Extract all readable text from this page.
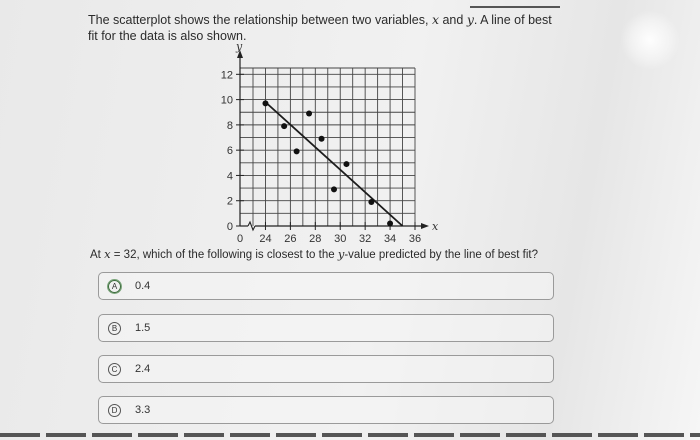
The scatterplot shows the relationship between two variables, x and y. A line of best fit for the data is also shown.
0
2
4
6
8
10
12
0 24 26 28 30 32 34 36
y
x
At x = 32, which of the following is closest to the y-value predicted by the line of best fit?
A	0.4
B	1.5
C	2.4
D	3.3
